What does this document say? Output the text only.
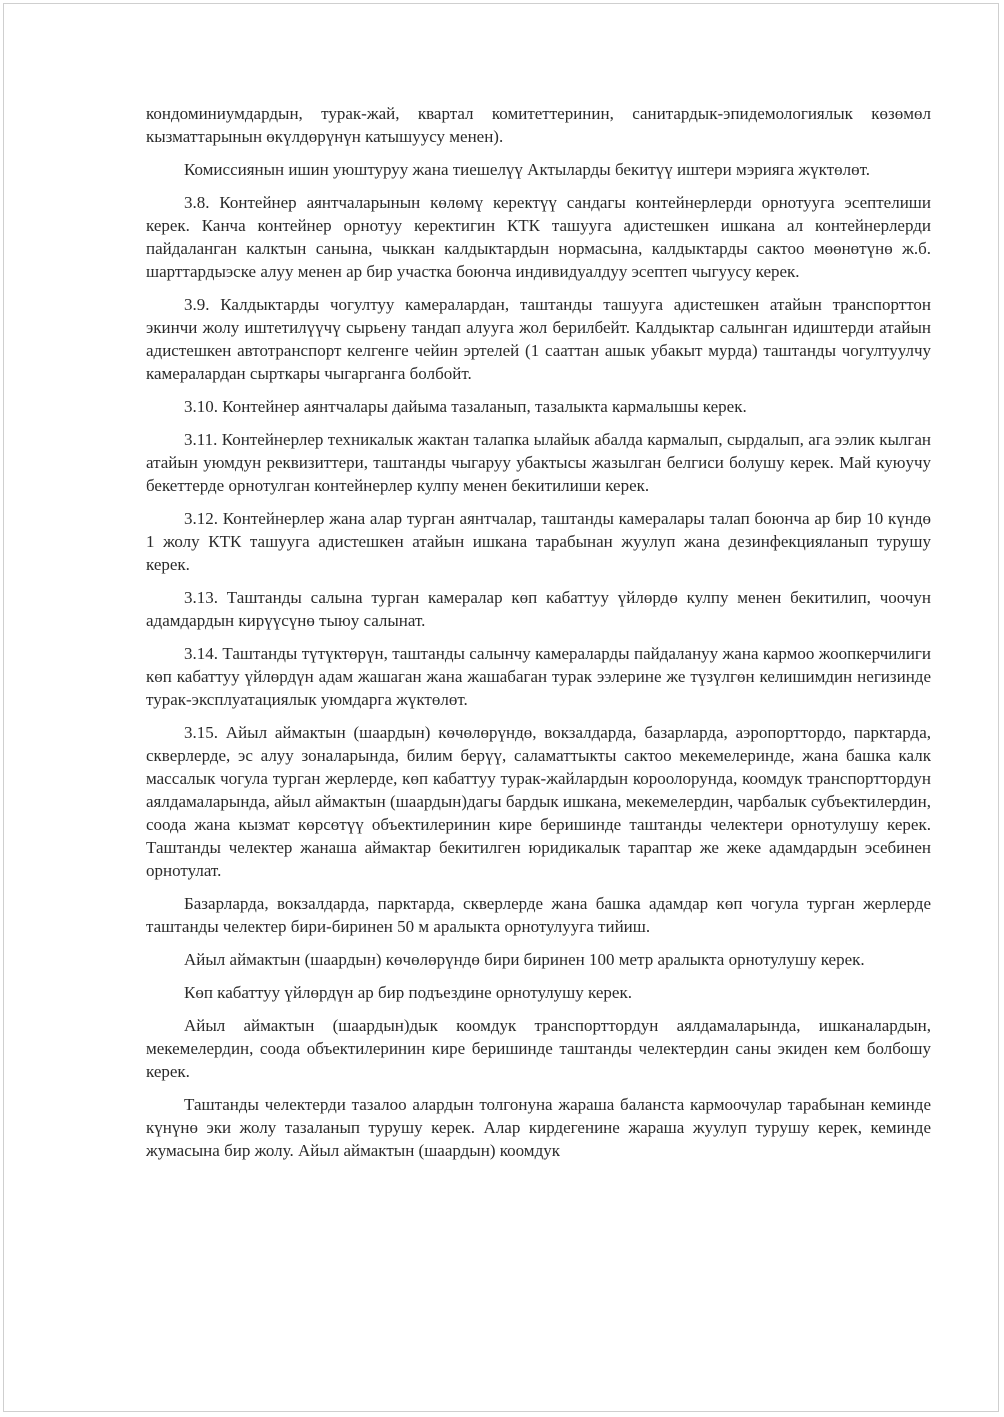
кондоминиумдардын, турак-жай, квартал комитеттеринин, санитардык-эпидемологиялык көзөмөл кызматтарынын өкүлдөрүнүн катышуусу менен).

Комиссиянын ишин уюштуруу жана тиешелүү Актыларды бекитүү иштери мэрияга жүктөлөт.

3.8. Контейнер аянтчаларынын көлөмү керектүү сандагы контейнерлерди орнотууга эсептелиши керек. Канча контейнер орнотуу керектигин КТК ташууга адистешкен ишкана ал контейнерлерди пайдаланган калктын санына, чыккан калдыктардын нормасына, калдыктарды сактоо мөөнөтүнө ж.б. шарттардыэске алуу менен ар бир участка боюнча индивидуалдуу эсептеп чыгуусу керек.

3.9. Калдыктарды чогултуу камералардан, таштанды ташууга адистешкен атайын транспорттон экинчи жолу иштетилүүчү сырьену тандап алууга жол берилбейт. Калдыктар салынган идиштерди атайын адистешкен автотранспорт келгенге чейин эртелей (1 сааттан ашык убакыт мурда) таштанды чогултуулчу камералардан сырткары чыгарганга болбойт.

3.10. Контейнер аянтчалары дайыма тазаланып, тазалыкта кармалышы керек.

3.11. Контейнерлер техникалык жактан талапка ылайык абалда кармалып, сырдалып, ага ээлик кылган атайын уюмдун реквизиттери, таштанды чыгаруу убактысы жазылган белгиси болушу керек. Май куюучу бекеттерде орнотулган контейнерлер кулпу менен бекитилиши керек.

3.12. Контейнерлер жана алар турган аянтчалар, таштанды камералары талап боюнча ар бир 10 күндө 1 жолу КТК ташууга адистешкен атайын ишкана тарабынан жуулуп жана дезинфекцияланып турушу керек.

3.13. Таштанды салына турган камералар көп кабаттуу үйлөрдө кулпу менен бекитилип, чоочун адамдардын кирүүсүнө тыюу салынат.

3.14. Таштанды түтүктөрүн, таштанды салынчу камераларды пайдалануу жана кармоо жоопкерчилиги көп кабаттуу үйлөрдүн адам жашаган жана жашабаган турак ээлерине же түзүлгөн келишимдин негизинде турак-эксплуатациялык уюмдарга жүктөлөт.

3.15. Айыл аймактын (шаардын) көчөлөрүндө, вокзалдарда, базарларда, аэропорттордо, парктарда, скверлерде, эс алуу зоналарында, билим берүү, саламаттыкты сактоо мекемелеринде, жана башка калк массалык чогула турган жерлерде, көп кабаттуу турак-жайлардын короолорунда, коомдук транспорттордун аялдамаларында, айыл аймактын (шаардын)дагы бардык ишкана, мекемелердин, чарбалык субъектилердин, соода жана кызмат көрсөтүү объектилеринин кире беришинде таштанды челектери орнотулушу керек. Таштанды челектер жанаша аймактар бекитилген юридикалык тараптар же жеке адамдардын эсебинен орнотулат.

Базарларда, вокзалдарда, парктарда, скверлерде жана башка адамдар көп чогула турган жерлерде таштанды челектер бири-биринен 50 м аралыкта орнотулууга тийиш.

Айыл аймактын (шаардын) көчөлөрүндө бири биринен 100 метр аралыкта орнотулушу керек.

Көп кабаттуу үйлөрдүн ар бир подъездине орнотулушу керек.

Айыл аймактын (шаардын)дык коомдук транспорттордун аялдамаларында, ишканалардын, мекемелердин, соода объектилеринин кире беришинде таштанды челектердин саны экиден кем болбошу керек.

Таштанды челектерди тазалоо алардын толгонуна жараша баланста кармоочулар тарабынан кеминде күнүнө эки жолу тазаланып турушу керек. Алар кирдегенине жараша жуулуп турушу керек, кеминде жумасына бир жолу. Айыл аймактын (шаардын) коомдук
